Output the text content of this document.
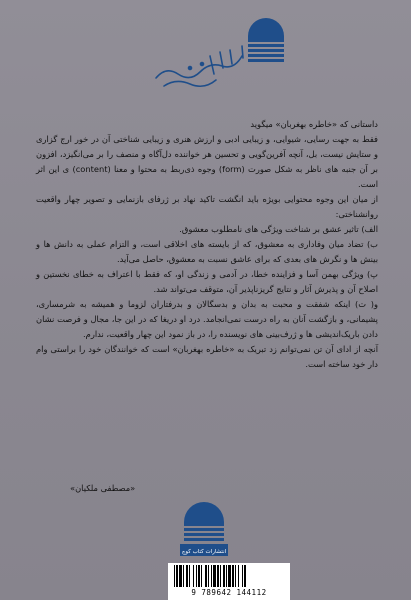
داستانی که «خاطره بهغربان» میگوید

فقط به جهت رسایی، شیوایی، و زیبایی ادبی و ارزش هنری و زیبایی شناختی آن در خور ارج گزاری و ستایش نیست، بل، آنچه آفرین‌گویی و تحسین هر خواننده دل‌آگاه و منصف را بر می‌انگیزد، افزون بر آن جنبه های ناظر به شکل صورت (form) وجوه ذی‌ربط به محتوا و معنا (content) ی این اثر است.

از میان این وجوه محتوایی بویژه باید انگشت تاکید نهاد بر ژرفای بازنمایی و تصویر چهار واقعیت روانشناختی:

الف) تاثیر عشق بر شناخت ویژگی های نامطلوب معشوق.

ب) تضاد میان وفاداری به معشوق، که از بایسته های اخلاقی است، و التزام عملی به دانش ها و بینش ها و نگرش های بعدی که برای عاشق نسبت به معشوق، حاصل می‌آید.

پ) ویژگی بهمن آسا و فزاینده خطا، در آدمی و زندگی او، که فقط با اعتراف به خطای نخستین و اصلاح آن و پذیرش آثار و نتایج گریزناپذیر آن، متوقف می‌تواند شد.

و( ت) اینکه شفقت و محبت به بدان و بدسگالان و بدرفتاران لزوما و همیشه به شرمساری، پشیمانی، و بازگشت آنان به راه درست نمی‌انجامد. درد او دریغا که در این جا، مجال و فرصت نشان دادن باریک‌اندیشی ها و ژرف‌بینی های نویسنده را، در باز نمود این چهار واقعیت، ندارم.

آنچه از ادای آن تن نمی‌توانم زد تبریک به «خاطره بهغربان» است که خوانندگان خود را براستی وام دار خود ساخته است.

«مصطفی ملکیان»
انتشارات کتاب کوچ
9 789642 144112
